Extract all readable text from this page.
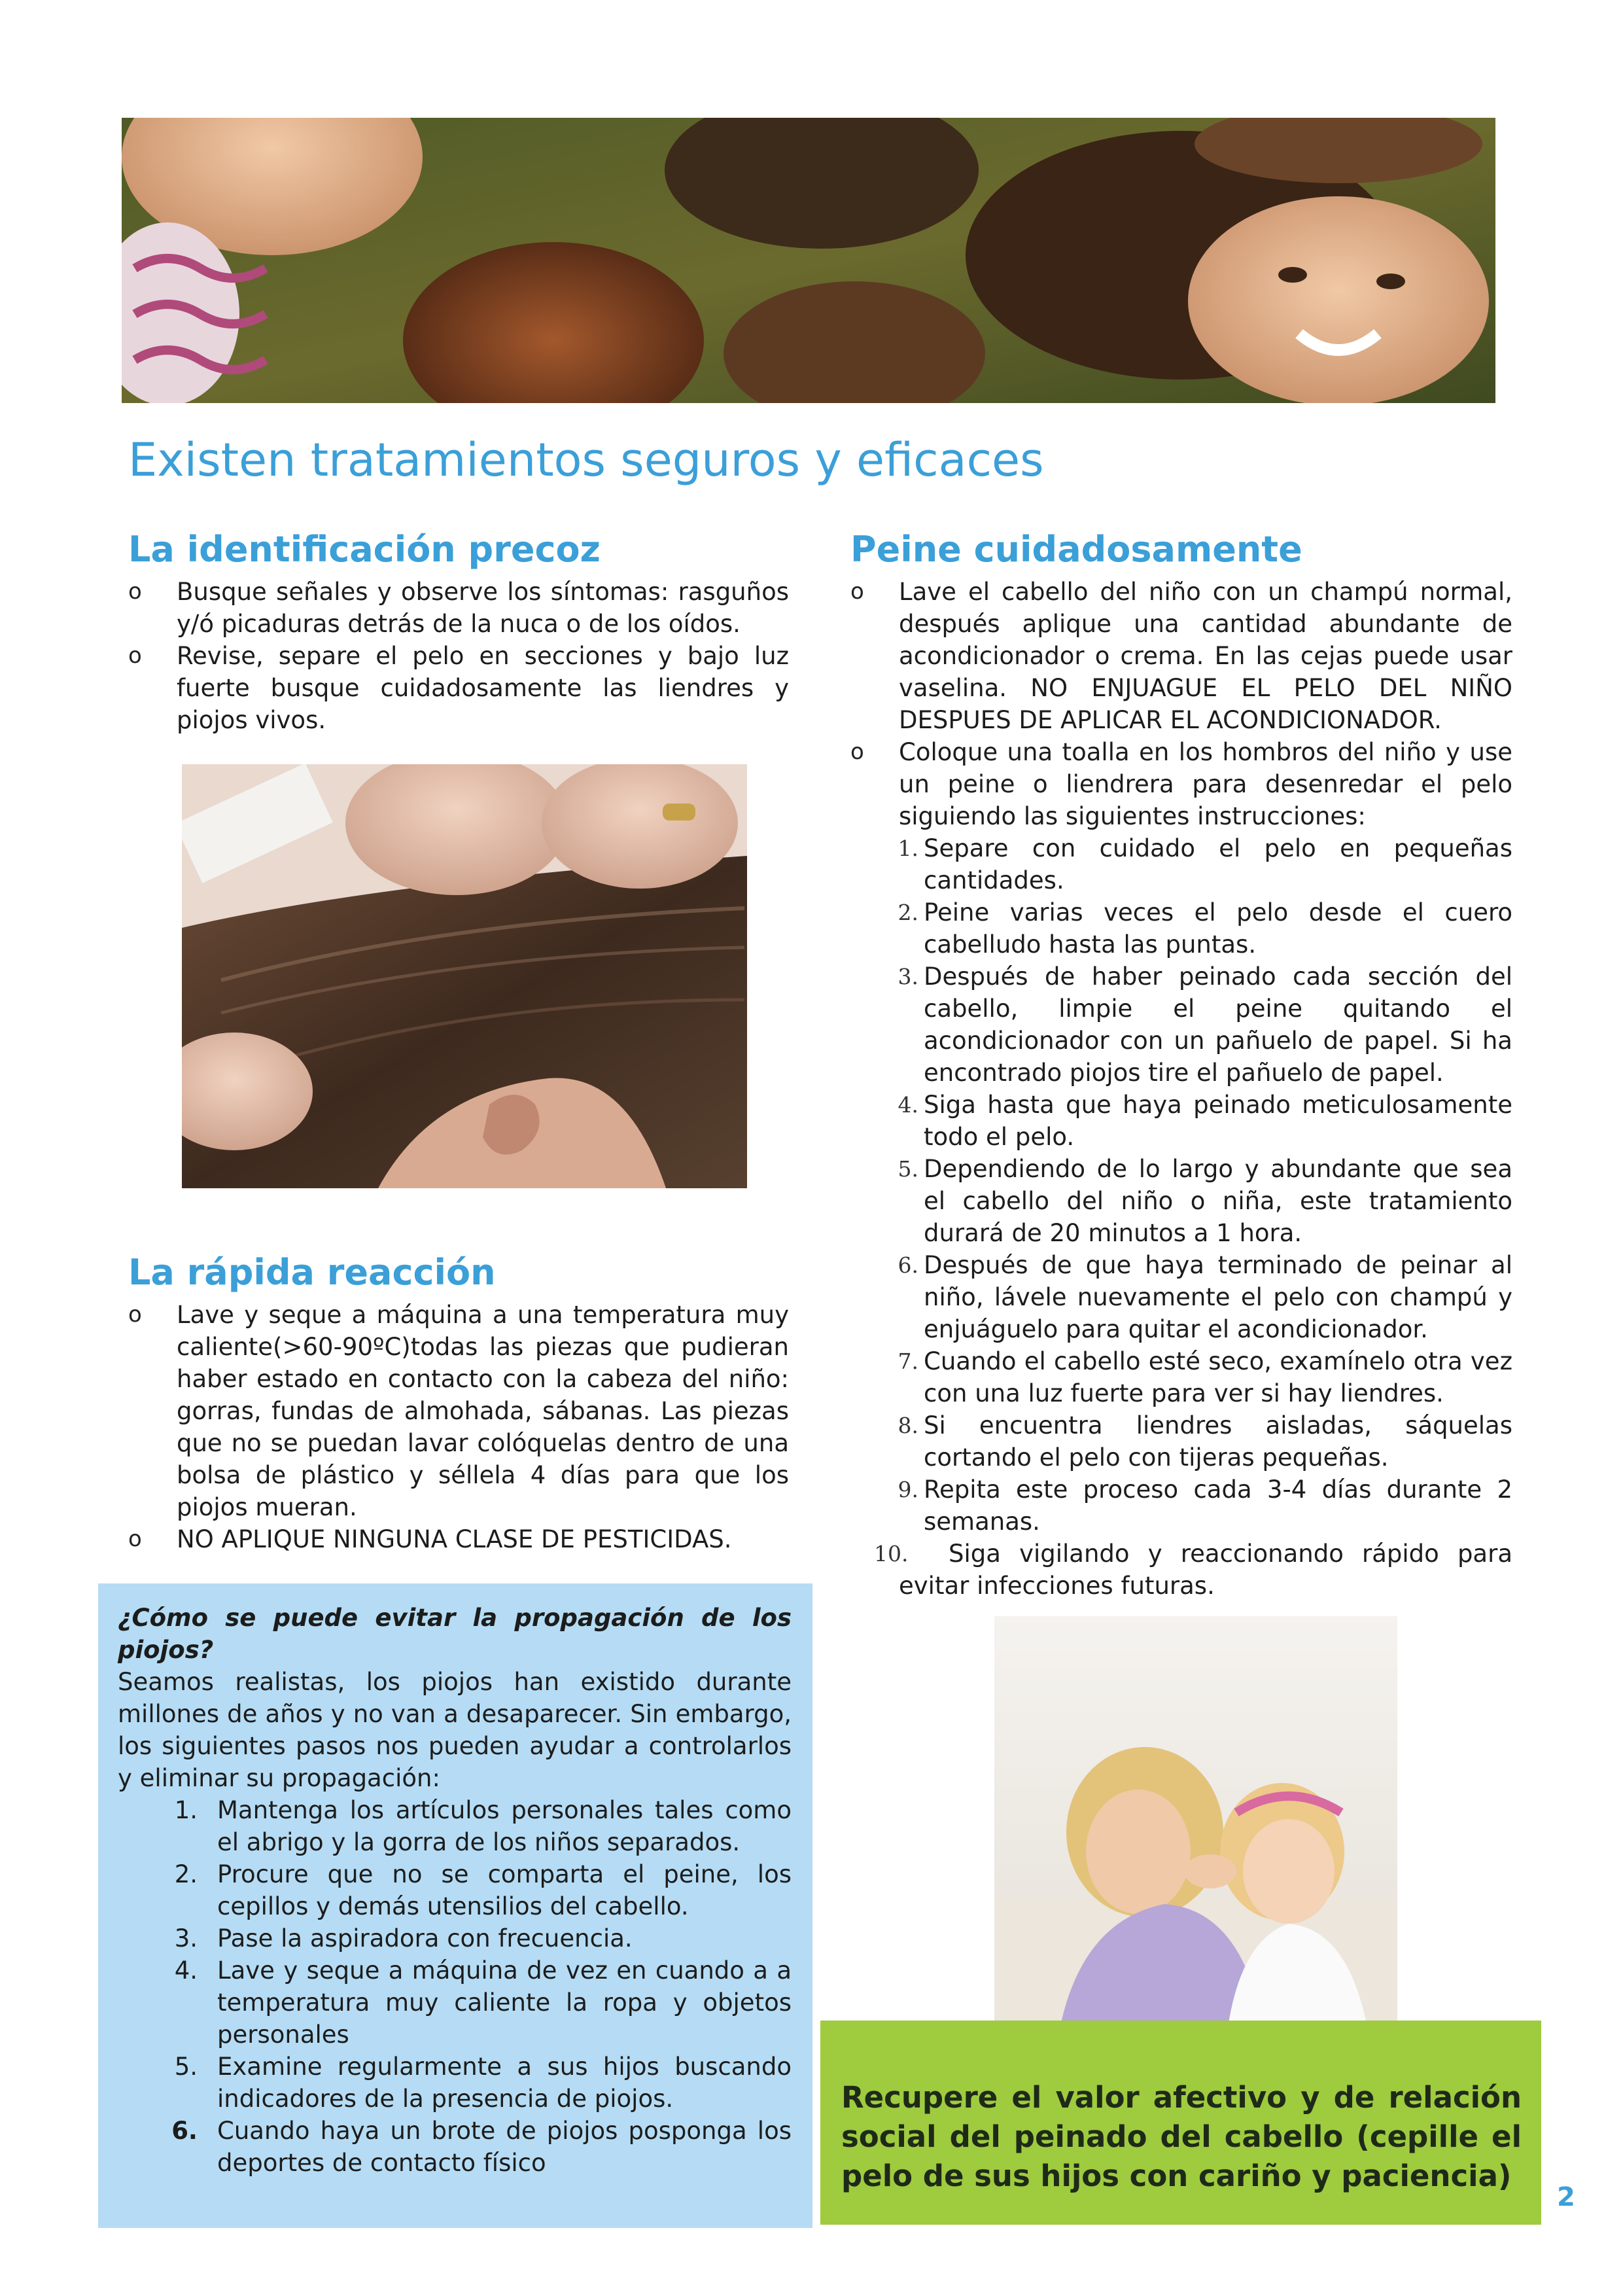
Existen tratamientos seguros y eficaces
La identificación precoz
o Busque señales y observe los síntomas: rasguños y/ó picaduras detrás de la nuca o de los oídos.
o Revise, separe el pelo en secciones y bajo luz fuerte busque cuidadosamente las liendres y piojos vivos.
La rápida reacción
o Lave y seque a máquina a una temperatura muy caliente(>60-90ºC)todas las piezas que pudieran haber estado en contacto con la cabeza del niño: gorras, fundas de almohada, sábanas. Las piezas que no se puedan lavar colóquelas dentro de una bolsa de plástico y séllela 4 días para que los piojos mueran.
o NO APLIQUE NINGUNA CLASE DE PESTICIDAS.

¿Cómo se puede evitar la propagación de los piojos?

Seamos realistas, los piojos han existido durante millones de años y no van a desaparecer. Sin embargo, los siguientes pasos nos pueden ayudar a controlarlos y eliminar su propagación:

1. Mantenga los artículos personales tales como el abrigo y la gorra de los niños separados.
2. Procure que no se comparta el peine, los cepillos y demás utensilios del cabello.
3. Pase la aspiradora con frecuencia.
4. Lave y seque a máquina de vez en cuando a a temperatura muy caliente la ropa y objetos personales
5. Examine regularmente a sus hijos buscando indicadores de la presencia de piojos.
6. Cuando haya un brote de piojos posponga los deportes de contacto físico
Peine cuidadosamente
o Lave el cabello del niño con un champú normal, después aplique una cantidad abundante de acondicionador o crema. En las cejas puede usar vaselina. NO ENJUAGUE EL PELO DEL NIÑO DESPUES DE APLICAR EL ACONDICIONADOR.
o Coloque una toalla en los hombros del niño y use un peine o liendrera para desenredar el pelo siguiendo las siguientes instrucciones:
1. Separe con cuidado el pelo en pequeñas cantidades.
2. Peine varias veces el pelo desde el cuero cabelludo hasta las puntas.
3. Después de haber peinado cada sección del cabello, limpie el peine quitando el acondicionador con un pañuelo de papel. Si ha encontrado piojos tire el pañuelo de papel.
4. Siga hasta que haya peinado meticulosamente todo el pelo.
5. Dependiendo de lo largo y abundante que sea el cabello del niño o niña, este tratamiento durará de 20 minutos a 1 hora.
6. Después de que haya terminado de peinar al niño, lávele nuevamente el pelo con champú y enjuáguelo para quitar el acondicionador.
7. Cuando el cabello esté seco, examínelo otra vez con una luz fuerte para ver si hay liendres.
8. Si encuentra liendres aisladas, sáquelas cortando el pelo con tijeras pequeñas.
9. Repita este proceso cada 3-4 días durante 2 semanas.
10. Siga vigilando y reaccionando rápido para evitar infecciones futuras.

Recupere el valor afectivo y de relación social del peinado del cabello (cepille el pelo de sus hijos con cariño y paciencia)

2
